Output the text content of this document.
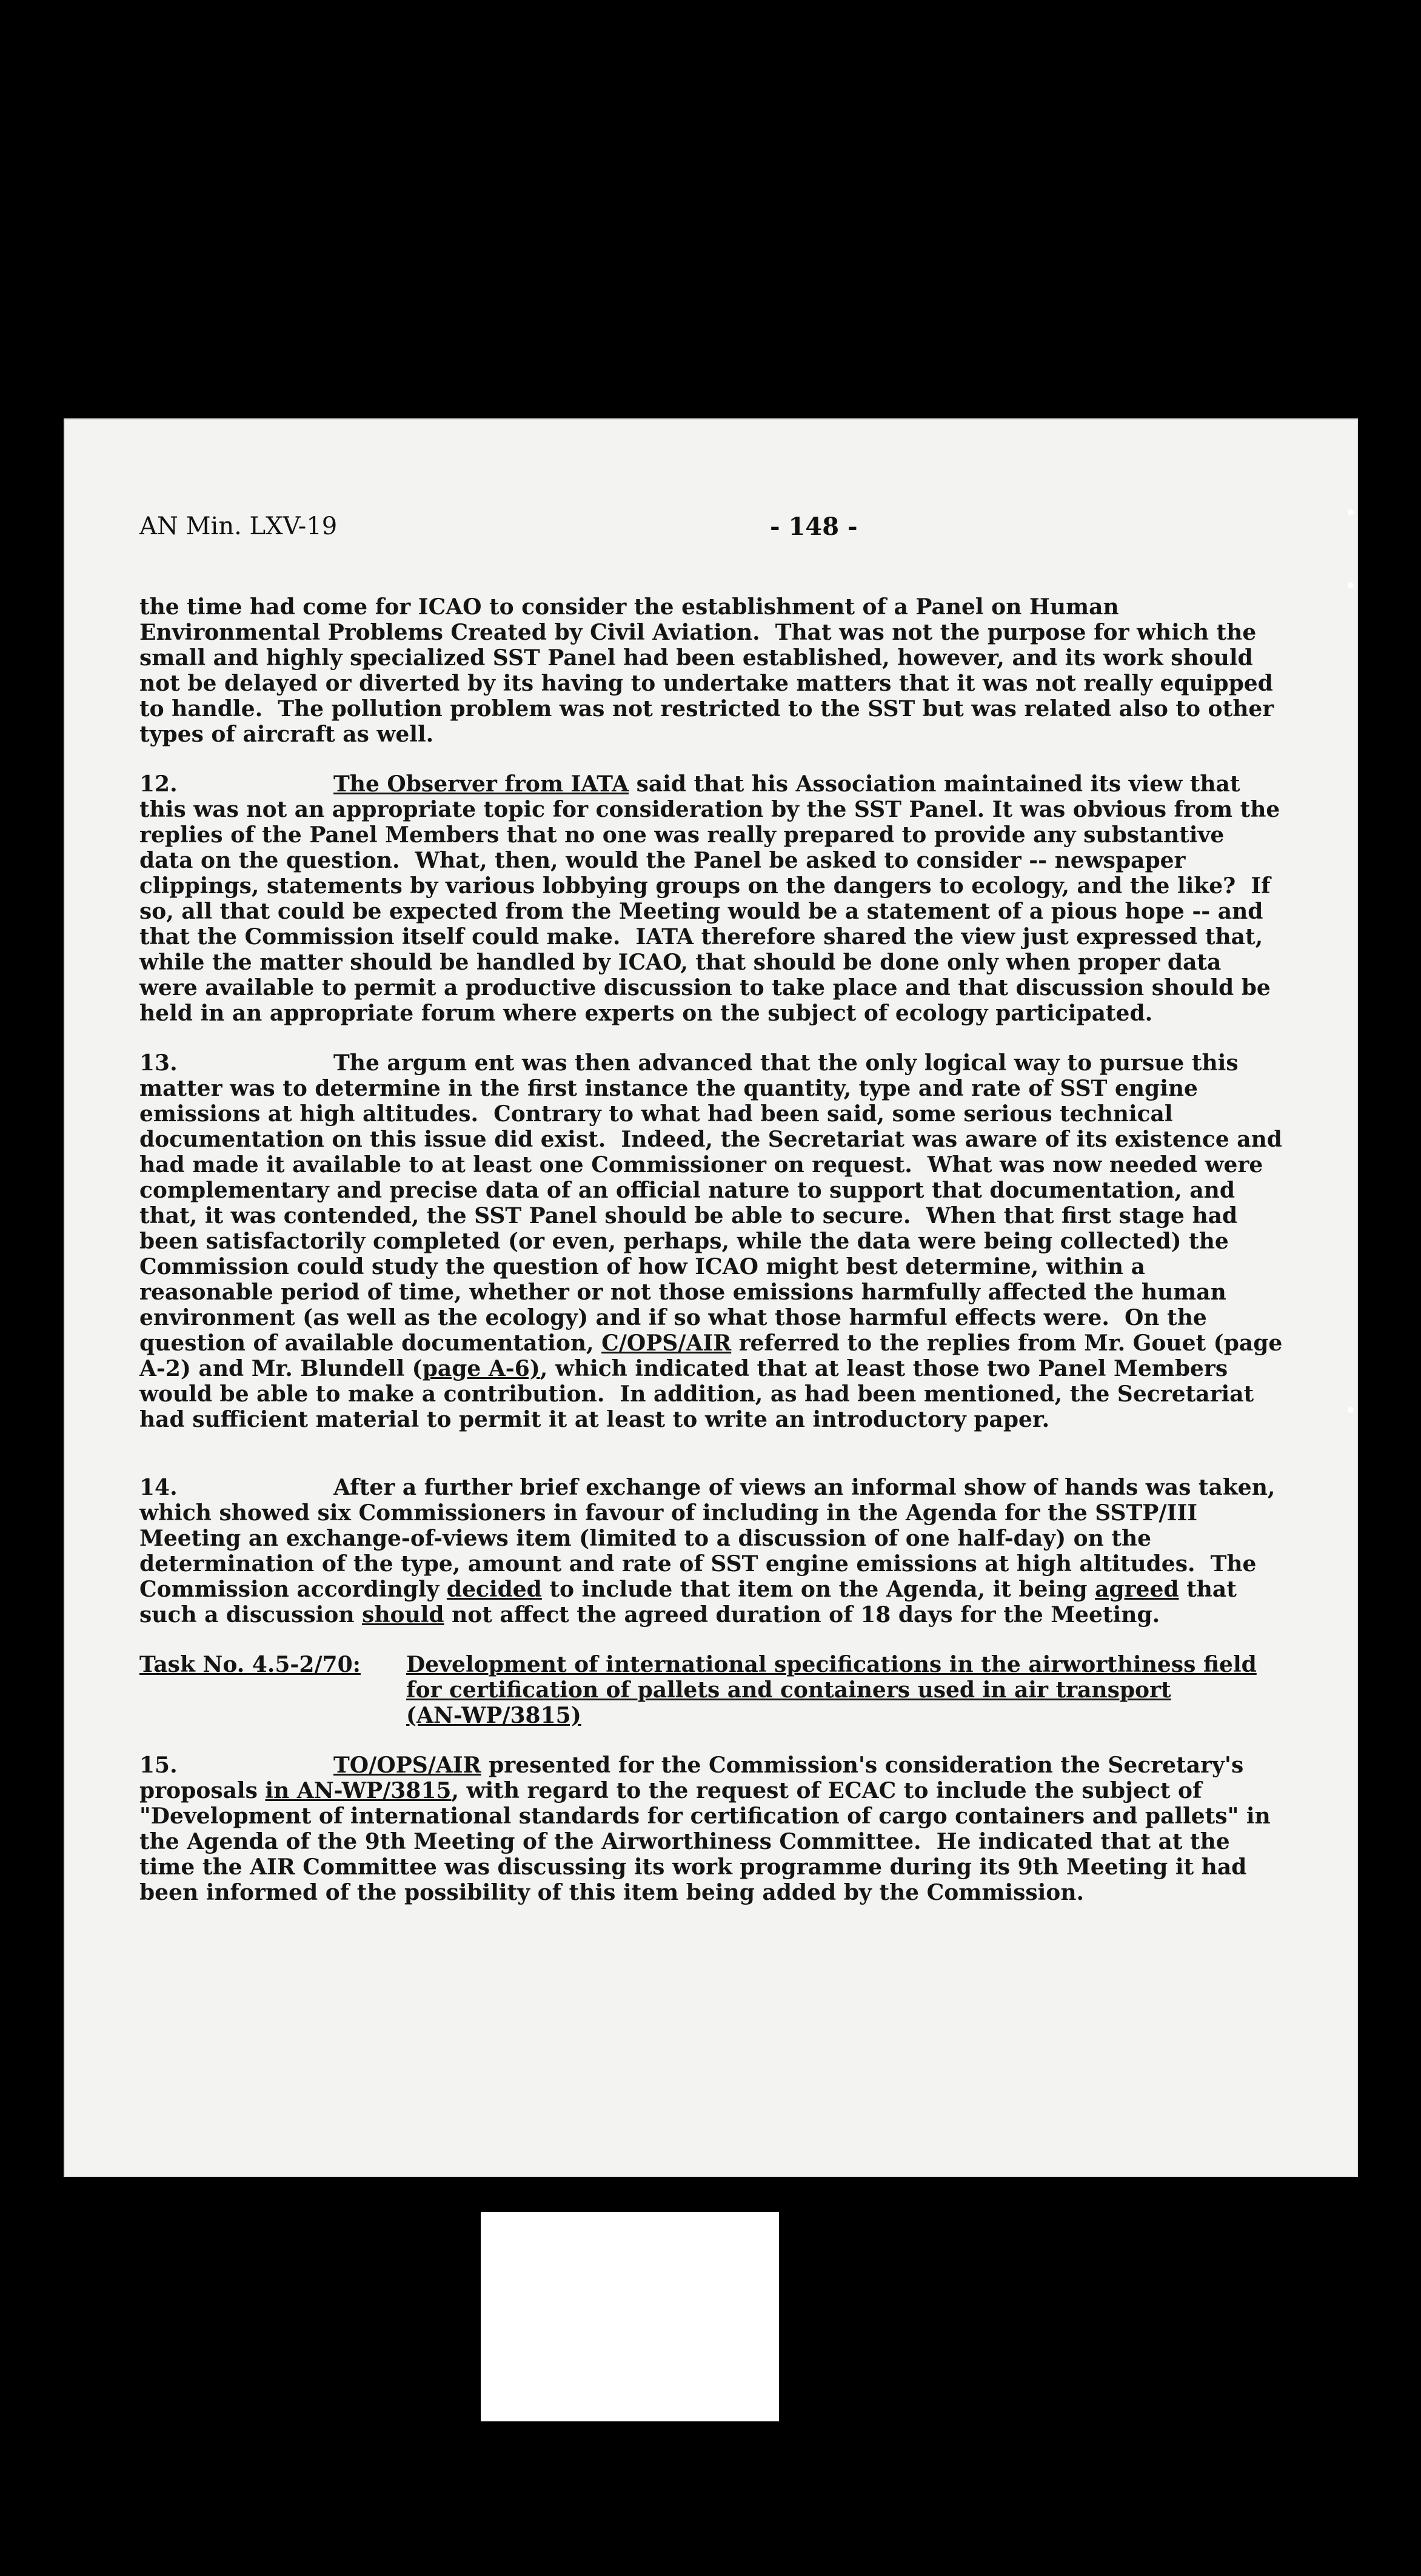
AN Min. LXV-19	- 148 -

the time had come for ICAO to consider the establishment of a Panel on Human Environmental Problems Created by Civil Aviation.  That was not the purpose for which the small and highly specialized SST Panel had been established, however, and its work should not be delayed or diverted by its having to undertake matters that it was not really equipped to handle.  The pollution problem was not restricted to the SST but was related also to other types of aircraft as well.

12.	The Observer from IATA said that his Association maintained its view that this was not an appropriate topic for consideration by the SST Panel. It was obvious from the replies of the Panel Members that no one was really prepared to provide any substantive data on the question.  What, then, would the Panel be asked to consider -- newspaper clippings, statements by various lobbying groups on the dangers to ecology, and the like?  If so, all that could be expected from the Meeting would be a statement of a pious hope -- and that the Commission itself could make.  IATA therefore shared the view just expressed that, while the matter should be handled by ICAO, that should be done only when proper data were available to permit a productive discussion to take place and that discussion should be held in an appropriate forum where experts on the subject of ecology participated.

13.	The argum ent was then advanced that the only logical way to pursue this matter was to determine in the first instance the quantity, type and rate of SST engine emissions at high altitudes.  Contrary to what had been said, some serious technical documentation on this issue did exist.  Indeed, the Secretariat was aware of its existence and had made it available to at least one Commissioner on request.  What was now needed were complementary and precise data of an official nature to support that documentation, and that, it was contended, the SST Panel should be able to secure.  When that first stage had been satisfactorily completed (or even, perhaps, while the data were being collected) the Commission could study the question of how ICAO might best determine, within a reasonable period of time, whether or not those emissions harmfully affected the human environment (as well as the ecology) and if so what those harmful effects were.  On the question of available documentation, C/OPS/AIR referred to the replies from Mr. Gouet (page A-2) and Mr. Blundell (page A-6), which indicated that at least those two Panel Members would be able to make a contribution.  In addition, as had been mentioned, the Secretariat had sufficient material to permit it at least to write an introductory paper.

14.	After a further brief exchange of views an informal show of hands was taken, which showed six Commissioners in favour of including in the Agenda for the SSTP/III Meeting an exchange-of-views item (limited to a discussion of one half-day) on the determination of the type, amount and rate of SST engine emissions at high altitudes.  The Commission accordingly decided to include that item on the Agenda, it being agreed that such a discussion should not affect the agreed duration of 18 days for the Meeting.

Task No. 4.5-2/70:	Development of international specifications in the airworthiness field for certification of pallets and containers used in air transport
(AN-WP/3815)

15.	TO/OPS/AIR presented for the Commission's consideration the Secretary's proposals in AN-WP/3815, with regard to the request of ECAC to include the subject of "Development of international standards for certification of cargo containers and pallets" in the Agenda of the 9th Meeting of the Airworthiness Committee.  He indicated that at the time the AIR Committee was discussing its work programme during its 9th Meeting it had been informed of the possibility of this item being added by the Commission.
